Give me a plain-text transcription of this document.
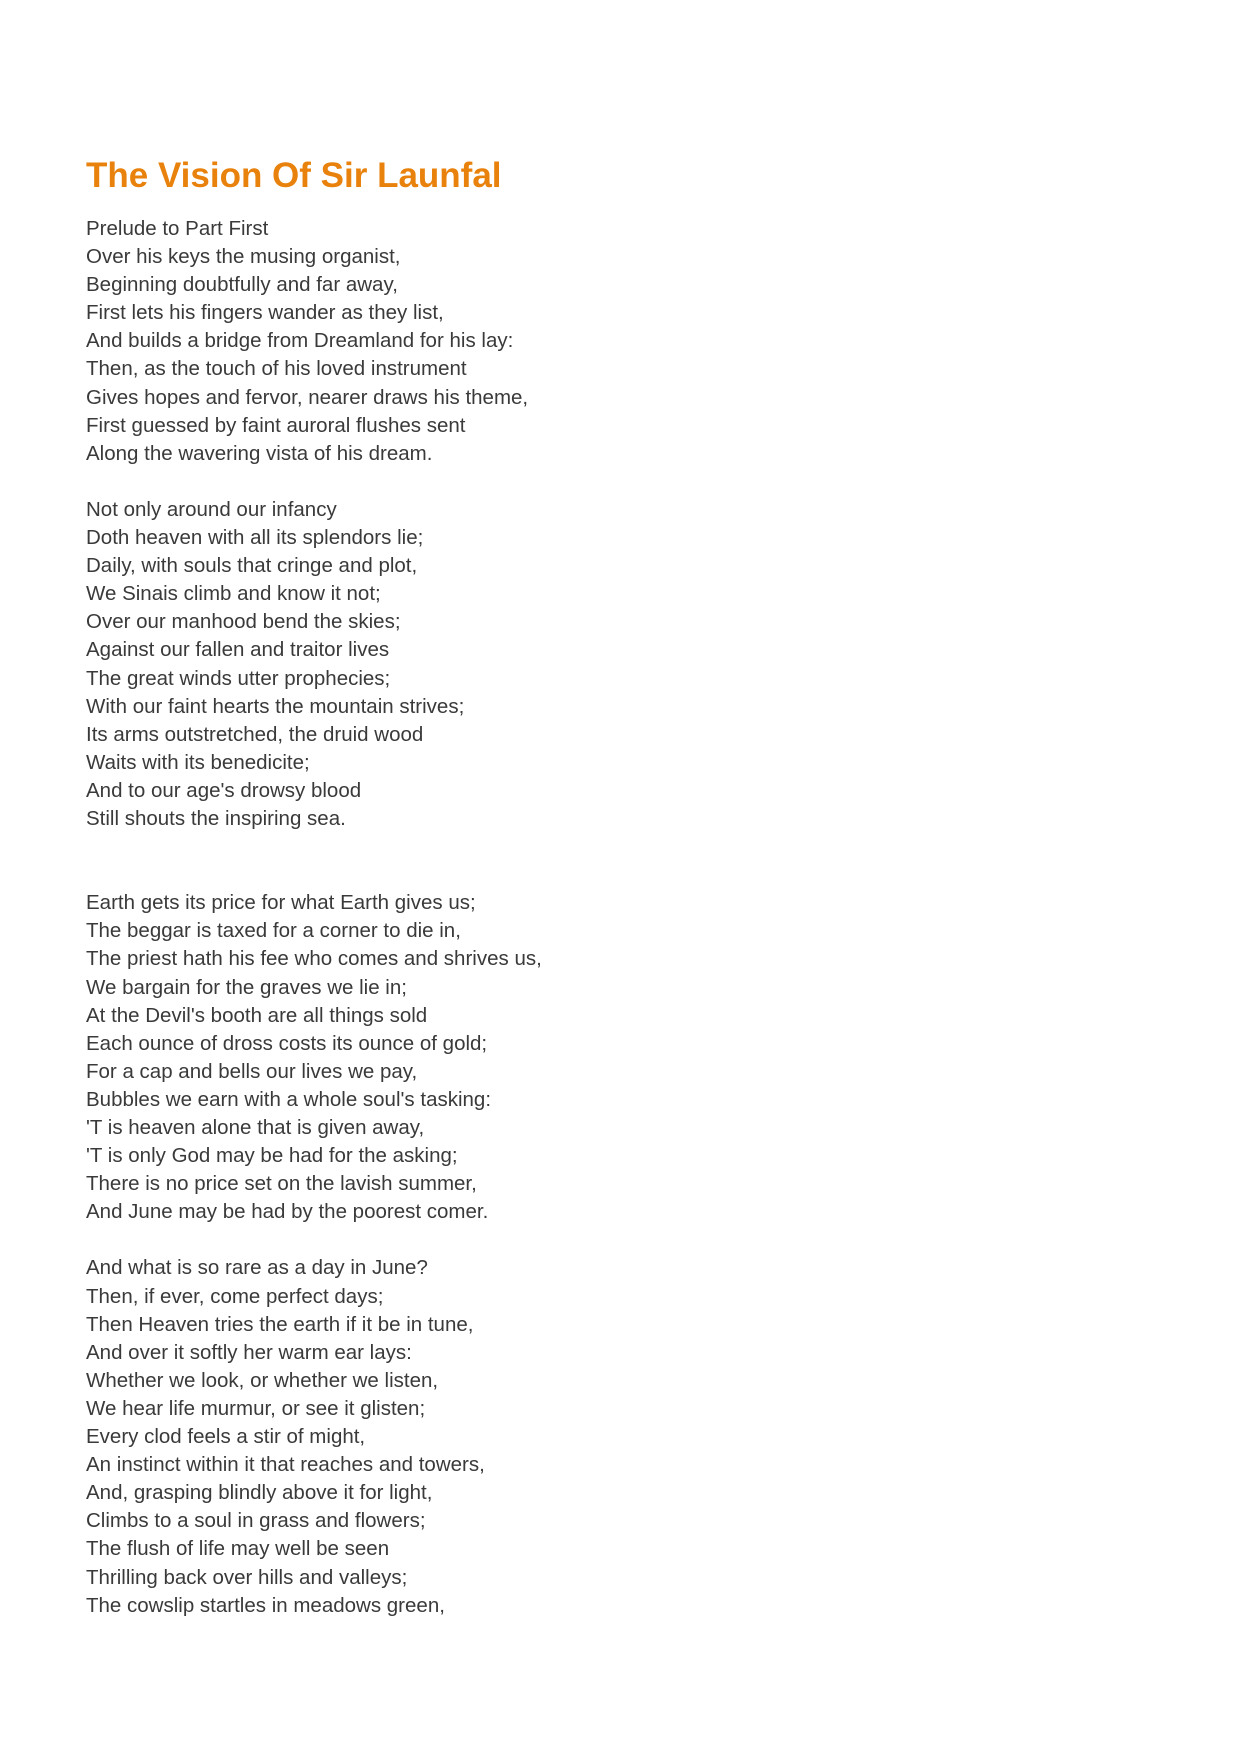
The Vision Of Sir Launfal
Prelude to Part First
Over his keys the musing organist,
Beginning doubtfully and far away,
First lets his fingers wander as they list,
And builds a bridge from Dreamland for his lay:
Then, as the touch of his loved instrument
Gives hopes and fervor, nearer draws his theme,
First guessed by faint auroral flushes sent
Along the wavering vista of his dream.
Not only around our infancy
Doth heaven with all its splendors lie;
Daily, with souls that cringe and plot,
We Sinais climb and know it not;
Over our manhood bend the skies;
Against our fallen and traitor lives
The great winds utter prophecies;
With our faint hearts the mountain strives;
Its arms outstretched, the druid wood
Waits with its benedicite;
And to our age's drowsy blood
Still shouts the inspiring sea.
Earth gets its price for what Earth gives us;
The beggar is taxed for a corner to die in,
The priest hath his fee who comes and shrives us,
We bargain for the graves we lie in;
At the Devil's booth are all things sold
Each ounce of dross costs its ounce of gold;
For a cap and bells our lives we pay,
Bubbles we earn with a whole soul's tasking:
'T is heaven alone that is given away,
'T is only God may be had for the asking;
There is no price set on the lavish summer,
And June may be had by the poorest comer.
And what is so rare as a day in June?
Then, if ever, come perfect days;
Then Heaven tries the earth if it be in tune,
And over it softly her warm ear lays:
Whether we look, or whether we listen,
We hear life murmur, or see it glisten;
Every clod feels a stir of might,
An instinct within it that reaches and towers,
And, grasping blindly above it for light,
Climbs to a soul in grass and flowers;
The flush of life may well be seen
Thrilling back over hills and valleys;
The cowslip startles in meadows green,
